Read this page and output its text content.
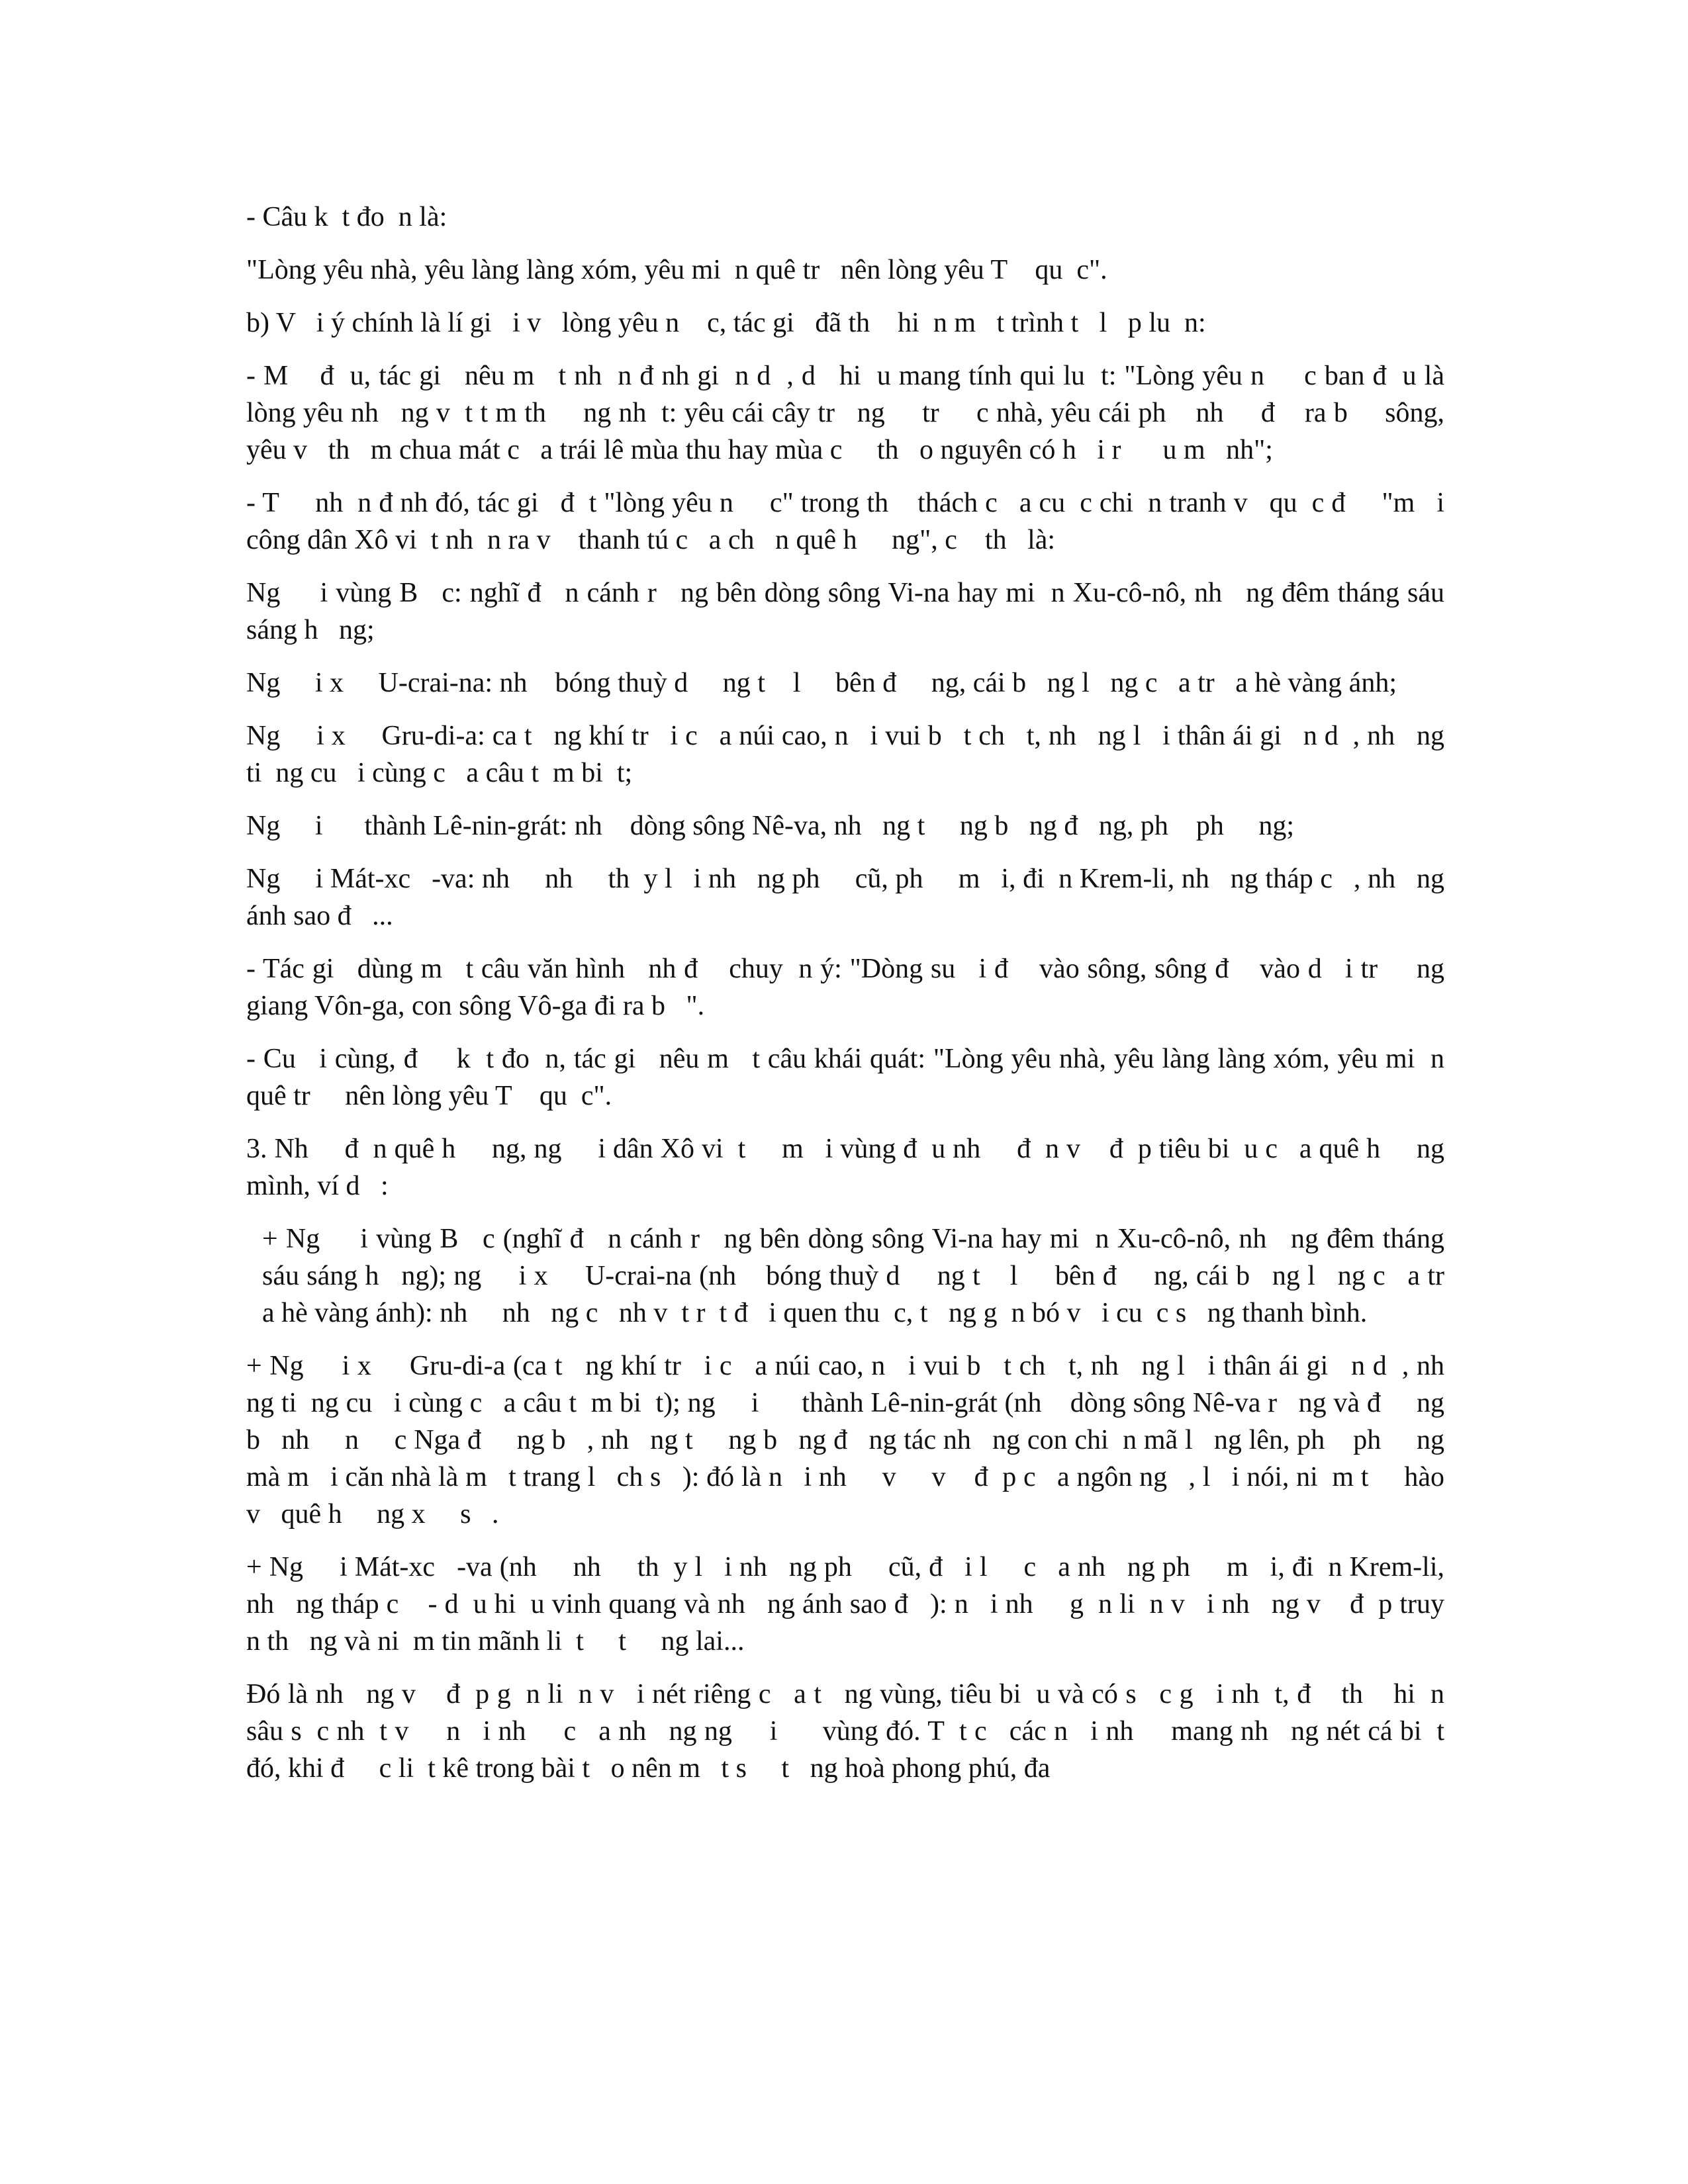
- Câu k  t đo  n là:

"Lòng yêu nhà, yêu làng làng xóm, yêu mi  n quê tr   nên lòng yêu T    qu  c".

b) V   i ý chính là lí gi   i v   lòng yêu n    c, tác gi   đã th    hi  n m   t trình t   l   p lu  n:

- M    đ  u, tác gi   nêu m   t nh  n đ nh gi  n d  , d   hi  u mang tính qui lu  t: "Lòng yêu n     c ban đ  u là lòng yêu nh   ng v  t t m th     ng nh  t: yêu cái cây tr   ng     tr     c nhà, yêu cái ph    nh     đ    ra b     sông, yêu v   th   m chua mát c   a trái lê mùa thu hay mùa c     th   o nguyên có h   i r      u m   nh";

- T     nh  n đ nh đó, tác gi   đ  t "lòng yêu n     c" trong th    thách c   a cu  c chi  n tranh v   qu  c đ     "m   i công dân Xô vi  t nh  n ra v    thanh tú c   a ch   n quê h     ng", c    th   là:

Ng     i vùng B   c: nghĩ đ   n cánh r   ng bên dòng sông Vi-na hay mi  n Xu-cô-nô, nh   ng đêm tháng sáu sáng h   ng;

Ng     i x     U-crai-na: nh    bóng thuỳ d     ng t    l     bên đ     ng, cái b   ng l   ng c   a tr   a hè vàng ánh;

Ng     i x     Gru-di-a: ca t   ng khí tr   i c   a núi cao, n   i vui b   t ch   t, nh   ng l   i thân ái gi   n d  , nh   ng ti  ng cu   i cùng c   a câu t  m bi  t;

Ng     i      thành Lê-nin-grát: nh    dòng sông Nê-va, nh   ng t     ng b   ng đ   ng, ph    ph     ng;

Ng     i Mát-xc   -va: nh     nh     th  y l   i nh   ng ph     cũ, ph     m   i, đi  n Krem-li, nh   ng tháp c   , nh   ng ánh sao đ   ...

- Tác gi   dùng m   t câu văn hình   nh đ    chuy  n ý: "Dòng su   i đ    vào sông, sông đ    vào d   i tr     ng giang Vôn-ga, con sông Vô-ga đi ra b   ".

- Cu   i cùng, đ     k  t đo  n, tác gi   nêu m   t câu khái quát: "Lòng yêu nhà, yêu làng làng xóm, yêu mi  n quê tr     nên lòng yêu T    qu  c".

3. Nh     đ  n quê h     ng, ng     i dân Xô vi  t     m   i vùng đ  u nh     đ  n v    đ  p tiêu bi  u c   a quê h     ng mình, ví d   :

+ Ng     i vùng B   c (nghĩ đ   n cánh r   ng bên dòng sông Vi-na hay mi  n Xu-cô-nô, nh   ng đêm tháng sáu sáng h   ng); ng     i x     U-crai-na (nh    bóng thuỳ d     ng t    l     bên đ     ng, cái b   ng l   ng c   a tr   a hè vàng ánh): nh     nh   ng c   nh v  t r  t đ   i quen thu  c, t   ng g  n bó v   i cu  c s   ng thanh bình.

+ Ng     i x     Gru-di-a (ca t   ng khí tr   i c   a núi cao, n   i vui b   t ch   t, nh   ng l   i thân ái gi   n d  , nh   ng ti  ng cu   i cùng c   a câu t  m bi  t); ng     i      thành Lê-nin-grát (nh    dòng sông Nê-va r   ng và đ     ng b   nh     n     c Nga đ     ng b   , nh   ng t     ng b   ng đ   ng tác nh   ng con chi  n mã l   ng lên, ph    ph     ng mà m   i căn nhà là m   t trang l   ch s   ): đó là n   i nh     v     v    đ  p c   a ngôn ng   , l   i nói, ni  m t     hào v   quê h     ng x     s   .

+ Ng     i Mát-xc   -va (nh     nh     th  y l   i nh   ng ph     cũ, đ   i l     c   a nh   ng ph     m   i, đi  n Krem-li, nh   ng tháp c    - d  u hi  u vinh quang và nh   ng ánh sao đ   ): n   i nh     g  n li  n v   i nh   ng v    đ  p truy  n th   ng và ni  m tin mãnh li  t     t     ng lai...

Đó là nh   ng v    đ  p g  n li  n v   i nét riêng c   a t   ng vùng, tiêu bi  u và có s   c g   i nh  t, đ    th    hi  n sâu s  c nh  t v     n   i nh     c   a nh   ng ng     i      vùng đó. T  t c   các n   i nh     mang nh   ng nét cá bi  t đó, khi đ     c li  t kê trong bài t   o nên m   t s     t   ng hoà phong phú, đa
